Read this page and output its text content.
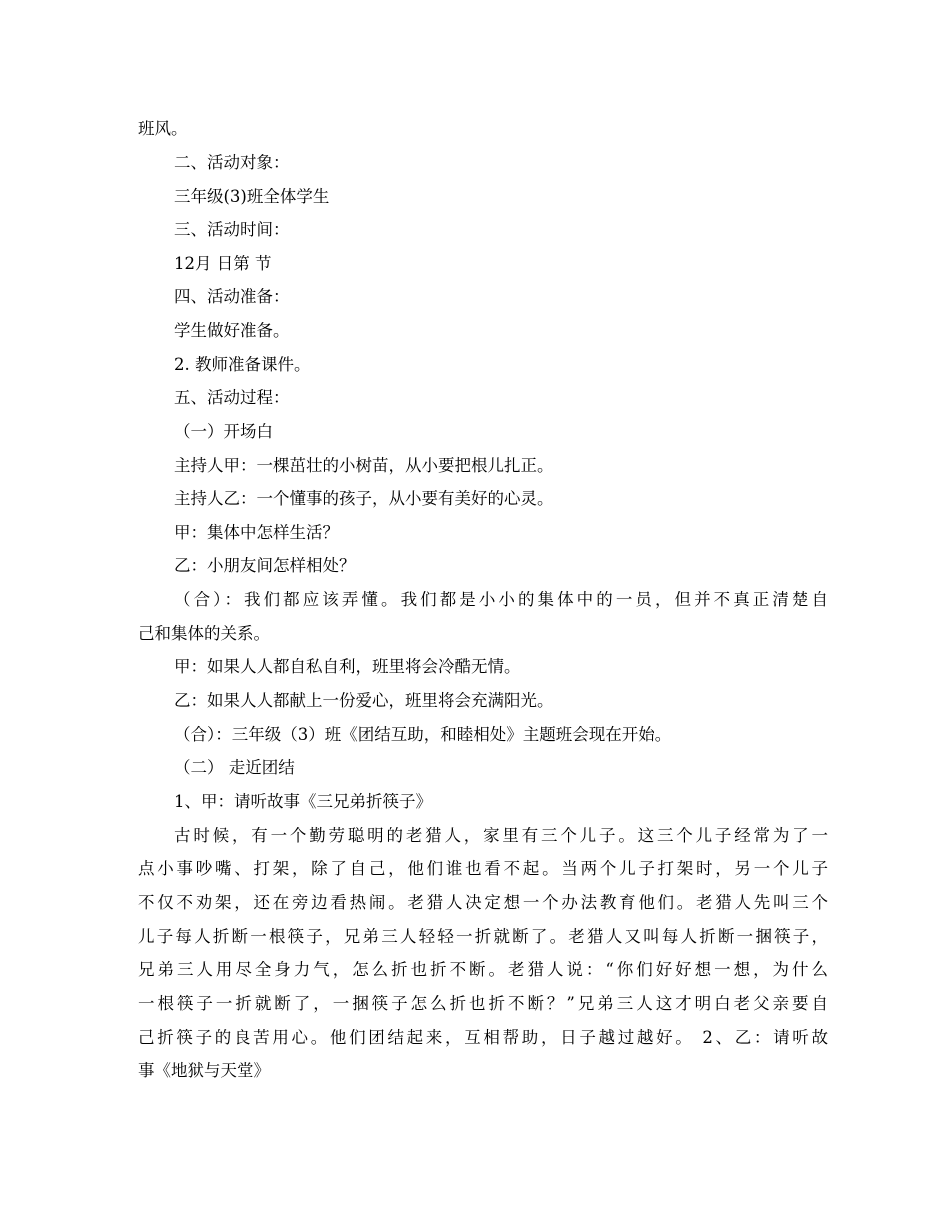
班风。
二、活动对象：
三年级(3)班全体学生
三、活动时间：
12月 日第 节
四、活动准备：
学生做好准备。
2. 教师准备课件。
五、活动过程：
（一）开场白
主持人甲：一棵茁壮的小树苗，从小要把根儿扎正。
主持人乙：一个懂事的孩子，从小要有美好的心灵。
甲：集体中怎样生活？
乙：小朋友间怎样相处？
（合）：我们都应该弄懂。我们都是小小的集体中的一员，但并不真正清楚自
己和集体的关系。
甲：如果人人都自私自利，班里将会冷酷无情。
乙：如果人人都献上一份爱心，班里将会充满阳光。
（合）：三年级（3）班《团结互助，和睦相处》主题班会现在开始。
（二） 走近团结
1、甲：请听故事《三兄弟折筷子》
古时候，有一个勤劳聪明的老猎人，家里有三个儿子。这三个儿子经常为了一
点小事吵嘴、打架，除了自己，他们谁也看不起。当两个儿子打架时，另一个儿子
不仅不劝架，还在旁边看热闹。老猎人决定想一个办法教育他们。老猎人先叫三个
儿子每人折断一根筷子，兄弟三人轻轻一折就断了。老猎人又叫每人折断一捆筷子，
兄弟三人用尽全身力气，怎么折也折不断。老猎人说：“你们好好想一想，为什么
一根筷子一折就断了，一捆筷子怎么折也折不断？”兄弟三人这才明白老父亲要自
己折筷子的良苦用心。他们团结起来，互相帮助，日子越过越好。 2、乙：请听故
事《地狱与天堂》
